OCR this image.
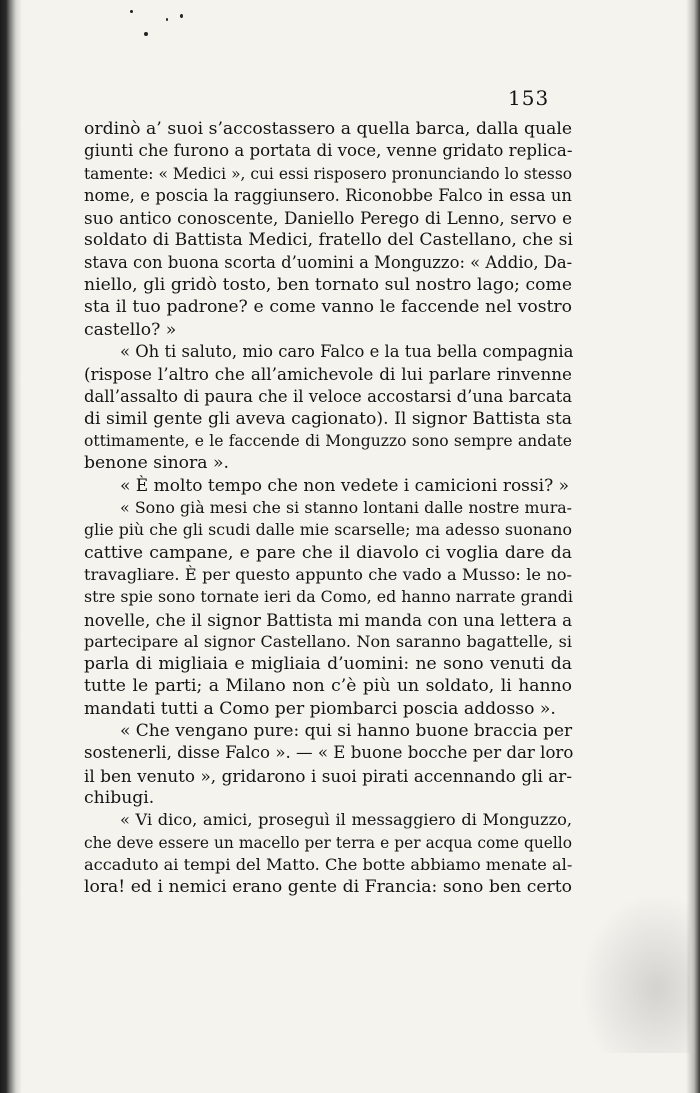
153
ordinò a’ suoi s’accostassero a quella barca, dalla quale
giunti che furono a portata di voce, venne gridato replica-
tamente: « Medici », cui essi risposero pronunciando lo stesso
nome, e poscia la raggiunsero. Riconobbe Falco in essa un
suo antico conoscente, Daniello Perego di Lenno, servo e
soldato di Battista Medici, fratello del Castellano, che si
stava con buona scorta d’uomini a Monguzzo: « Addio, Da-
niello, gli gridò tosto, ben tornato sul nostro lago; come
sta il tuo padrone? e come vanno le faccende nel vostro
castello? »
« Oh ti saluto, mio caro Falco e la tua bella compagnia
(rispose l’altro che all’amichevole di lui parlare rinvenne
dall’assalto di paura che il veloce accostarsi d’una barcata
di simil gente gli aveva cagionato). Il signor Battista sta
ottimamente, e le faccende di Monguzzo sono sempre andate
benone sinora ».
« È molto tempo che non vedete i camicioni rossi? »
« Sono già mesi che si stanno lontani dalle nostre mura-
glie più che gli scudi dalle mie scarselle; ma adesso suonano
cattive campane, e pare che il diavolo ci voglia dare da
travagliare. È per questo appunto che vado a Musso: le no-
stre spie sono tornate ieri da Como, ed hanno narrate grandi
novelle, che il signor Battista mi manda con una lettera a
partecipare al signor Castellano. Non saranno bagattelle, si
parla di migliaia e migliaia d’uomini: ne sono venuti da
tutte le parti; a Milano non c’è più un soldato, li hanno
mandati tutti a Como per piombarci poscia addosso ».
« Che vengano pure: qui si hanno buone braccia per
sostenerli, disse Falco ». — « E buone bocche per dar loro
il ben venuto », gridarono i suoi pirati accennando gli ar-
chibugi.
« Vi dico, amici, proseguì il messaggiero di Monguzzo,
che deve essere un macello per terra e per acqua come quello
accaduto ai tempi del Matto. Che botte abbiamo menate al-
lora! ed i nemici erano gente di Francia: sono ben certo
